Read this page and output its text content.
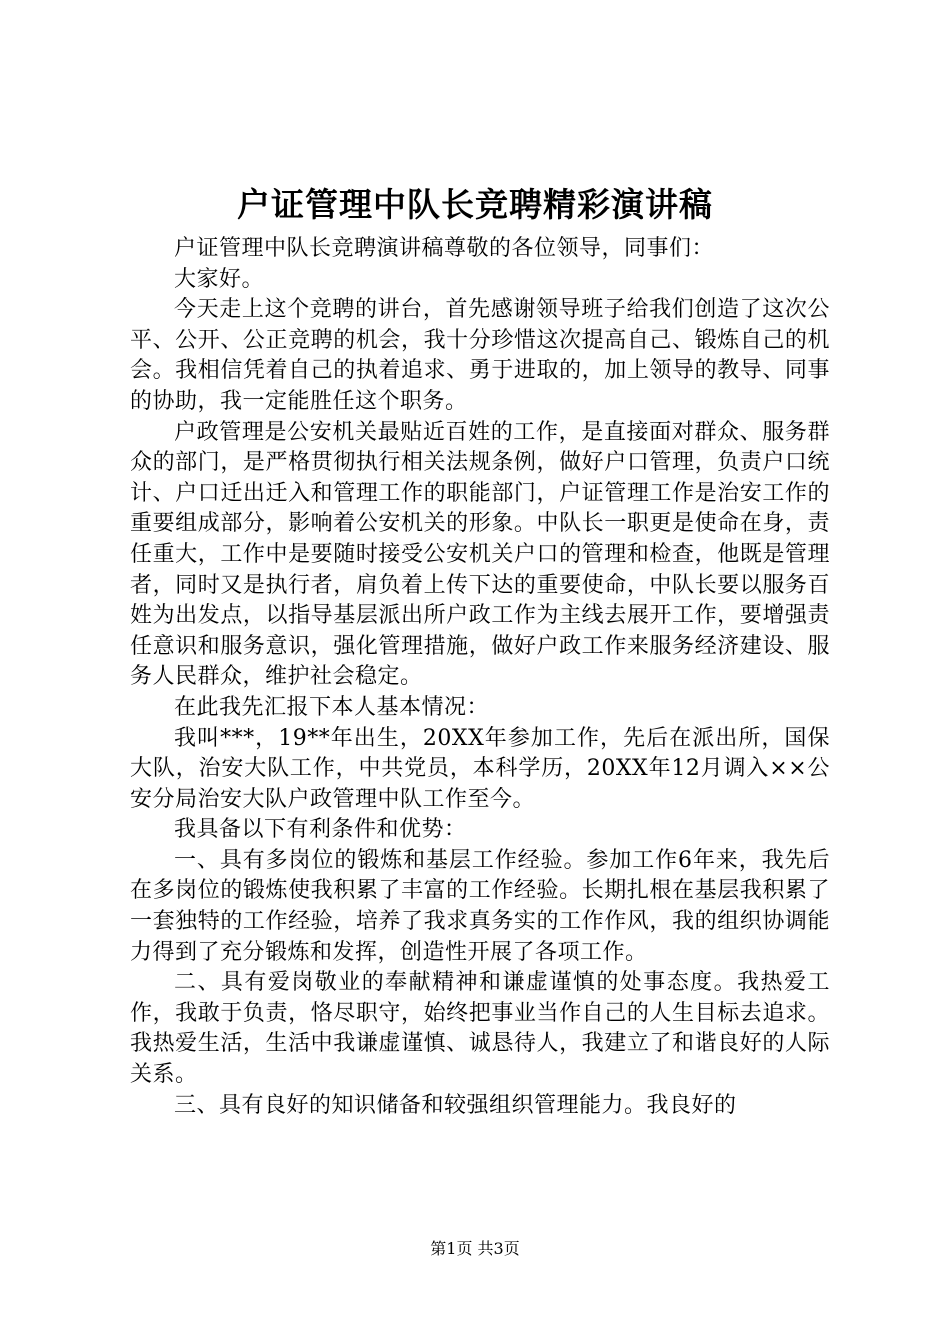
户证管理中队长竞聘精彩演讲稿

户证管理中队长竞聘演讲稿尊敬的各位领导，同事们：

大家好。

今天走上这个竞聘的讲台，首先感谢领导班子给我们创造了这次公平、公开、公正竞聘的机会，我十分珍惜这次提高自己、锻炼自己的机会。我相信凭着自己的执着追求、勇于进取的，加上领导的教导、同事的协助，我一定能胜任这个职务。

户政管理是公安机关最贴近百姓的工作，是直接面对群众、服务群众的部门，是严格贯彻执行相关法规条例，做好户口管理，负责户口统计、户口迁出迁入和管理工作的职能部门，户证管理工作是治安工作的重要组成部分，影响着公安机关的形象。中队长一职更是使命在身，责任重大，工作中是要随时接受公安机关户口的管理和检查，他既是管理者，同时又是执行者，肩负着上传下达的重要使命，中队长要以服务百姓为出发点，以指导基层派出所户政工作为主线去展开工作，要增强责任意识和服务意识，强化管理措施，做好户政工作来服务经济建设、服务人民群众，维护社会稳定。

在此我先汇报下本人基本情况：

我叫***，19**年出生，20XX年参加工作，先后在派出所，国保大队，治安大队工作，中共党员，本科学历，20XX年12月调入××公安分局治安大队户政管理中队工作至今。

我具备以下有利条件和优势：

一、具有多岗位的锻炼和基层工作经验。参加工作6年来，我先后在多岗位的锻炼使我积累了丰富的工作经验。长期扎根在基层我积累了一套独特的工作经验，培养了我求真务实的工作作风，我的组织协调能力得到了充分锻炼和发挥，创造性开展了各项工作。

二、具有爱岗敬业的奉献精神和谦虚谨慎的处事态度。我热爱工作，我敢于负责，恪尽职守，始终把事业当作自己的人生目标去追求。我热爱生活，生活中我谦虚谨慎、诚恳待人，我建立了和谐良好的人际关系。

三、具有良好的知识储备和较强组织管理能力。我良好的

第1页 共3页
